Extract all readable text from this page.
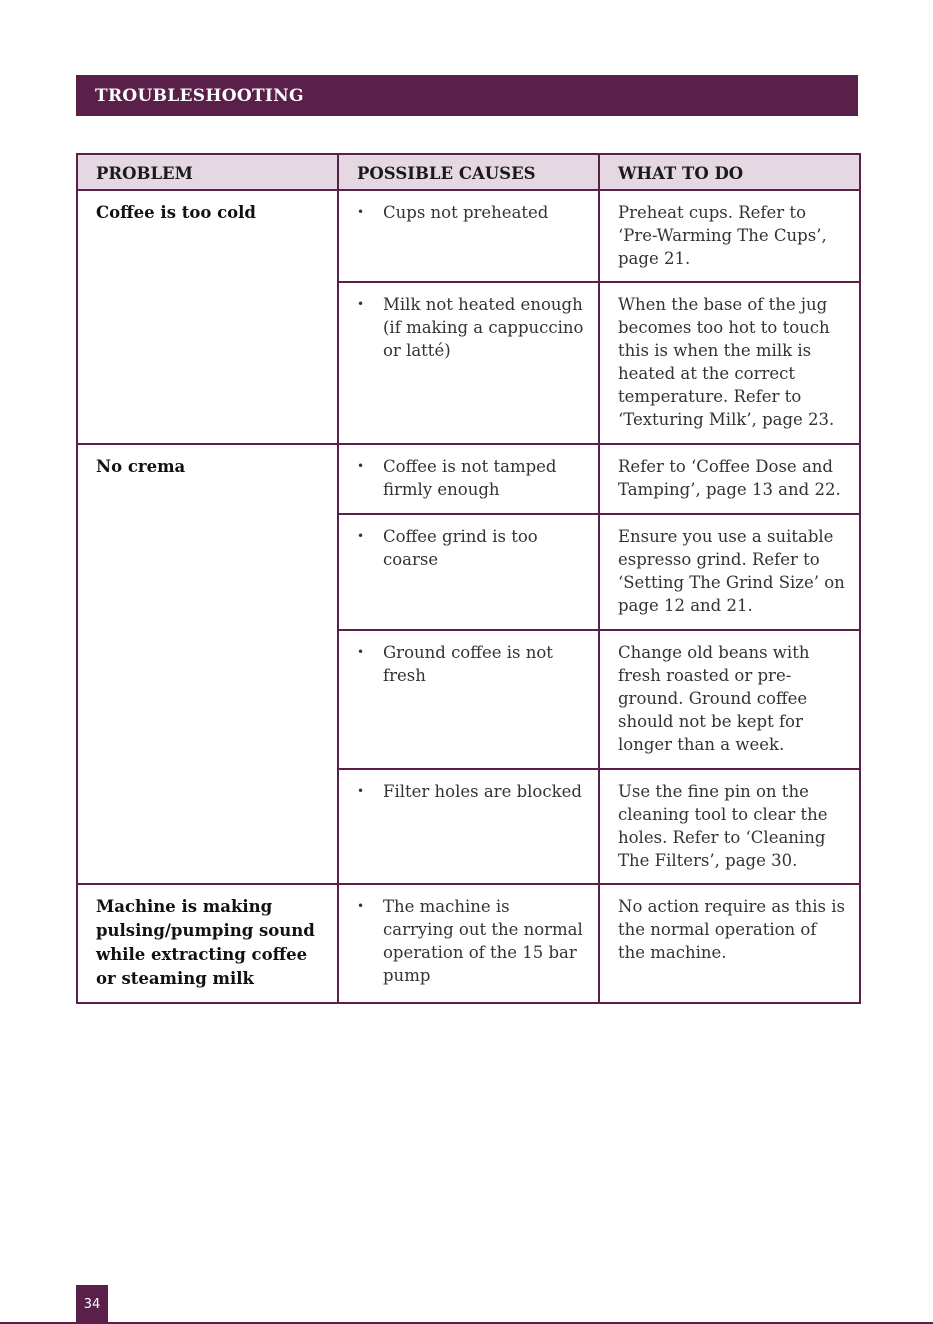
TROUBLESHOOTING
PROBLEM	POSSIBLE CAUSES	WHAT TO DO
Coffee is too cold	• Cups not preheated	Preheat cups. Refer to ‘Pre-Warming The Cups’, page 21.

	• Milk not heated enough (if making a cappuccino or latté)	When the base of the jug becomes too hot to touch this is when the milk is heated at the correct temperature. Refer to ‘Texturing Milk’, page 23.
No crema	• Coffee is not tamped firmly enough	Refer to ‘Coffee Dose and Tamping’, page 13 and 22.

	• Coffee grind is too coarse	Ensure you use a suitable espresso grind. Refer to ‘Setting The Grind Size’ on page 12 and 21.

	• Ground coffee is not fresh	Change old beans with fresh roasted or pre-ground. Ground coffee should not be kept for longer than a week.

	• Filter holes are blocked	Use the fine pin on the cleaning tool to clear the holes. Refer to ‘Cleaning The Filters’, page 30.
Machine is making pulsing/pumping sound while extracting coffee or steaming milk	• The machine is carrying out the normal operation of the 15 bar pump	No action require as this is the normal operation of the machine.
34
